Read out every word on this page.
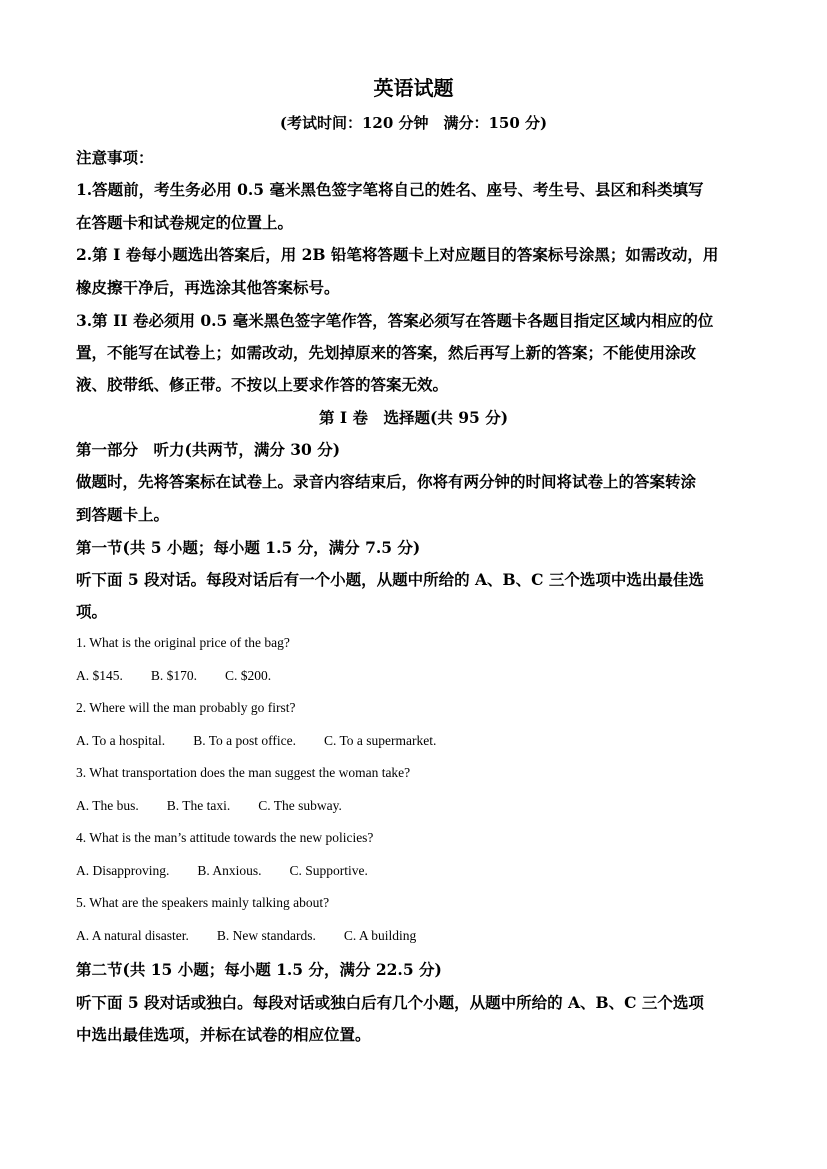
英语试题
(考试时间：120 分钟　满分：150 分)
注意事项：
1.答题前，考生务必用 0.5 毫米黑色签字笔将自己的姓名、座号、考生号、县区和科类填写
在答题卡和试卷规定的位置上。
2.第 I 卷每小题选出答案后，用 2B 铅笔将答题卡上对应题目的答案标号涂黑；如需改动，用
橡皮擦干净后，再选涂其他答案标号。
3.第 II 卷必须用 0.5 毫米黑色签字笔作答，答案必须写在答题卡各题目指定区域内相应的位
置，不能写在试卷上；如需改动，先划掉原来的答案，然后再写上新的答案；不能使用涂改
液、胶带纸、修正带。不按以上要求作答的答案无效。
第 I 卷　选择题(共 95 分)
第一部分　听力(共两节，满分 30 分)
做题时，先将答案标在试卷上。录音内容结束后，你将有两分钟的时间将试卷上的答案转涂
到答题卡上。
第一节(共 5 小题；每小题 1.5 分，满分 7.5 分)
听下面 5 段对话。每段对话后有一个小题，从题中所给的 A、B、C 三个选项中选出最佳选
项。
1. What is the original price of the bag?
A. $145. B. $170. C. $200.
2. Where will the man probably go first?
A. To a hospital. B. To a post office. C. To a supermarket.
3. What transportation does the man suggest the woman take?
A. The bus. B. The taxi. C. The subway.
4. What is the man’s attitude towards the new policies?
A. Disapproving. B. Anxious. C. Supportive.
5. What are the speakers mainly talking about?
A. A natural disaster. B. New standards. C. A building
第二节(共 15 小题；每小题 1.5 分，满分 22.5 分)
听下面 5 段对话或独白。每段对话或独白后有几个小题，从题中所给的 A、B、C 三个选项
中选出最佳选项，并标在试卷的相应位置。
